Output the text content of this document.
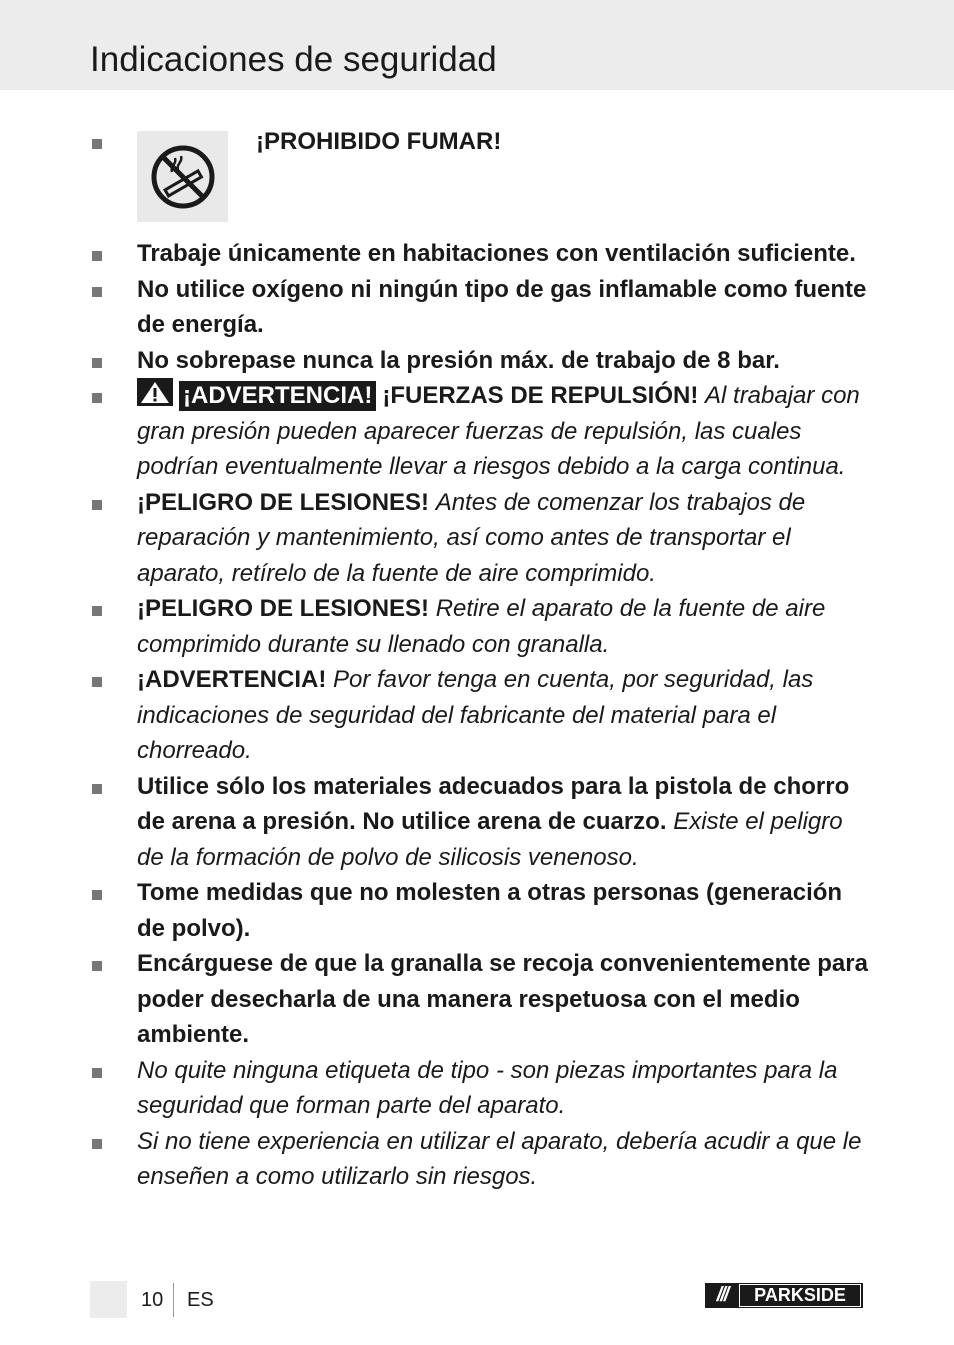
Indicaciones de seguridad
¡PROHIBIDO FUMAR!
Trabaje únicamente en habitaciones con ventilación suficiente.
No utilice oxígeno ni ningún tipo de gas inflamable como fuente de energía.
No sobrepase nunca la presión máx. de trabajo de 8 bar.
¡ADVERTENCIA! ¡FUERZAS DE REPULSIÓN! Al trabajar con gran presión pueden aparecer fuerzas de repulsión, las cuales podrían eventualmente llevar a riesgos debido a la carga continua.
¡PELIGRO DE LESIONES! Antes de comenzar los trabajos de reparación y mantenimiento, así como antes de transportar el aparato, retírelo de la fuente de aire comprimido.
¡PELIGRO DE LESIONES! Retire el aparato de la fuente de aire comprimido durante su llenado con granalla.
¡ADVERTENCIA! Por favor tenga en cuenta, por seguridad, las indicaciones de seguridad del fabricante del material para el chorreado.
Utilice sólo los materiales adecuados para la pistola de chorro de arena a presión. No utilice arena de cuarzo. Existe el peligro de la formación de polvo de silicosis venenoso.
Tome medidas que no molesten a otras personas (generación de polvo).
Encárguese de que la granalla se recoja convenientemente para poder desecharla de una manera respetuosa con el medio ambiente.
No quite ninguna etiqueta de tipo - son piezas importantes para la seguridad que forman parte del aparato.
Si no tiene experiencia en utilizar el aparato, debería acudir a que le enseñen a como utilizarlo sin riesgos.
10 ES	///	PARKSIDE
